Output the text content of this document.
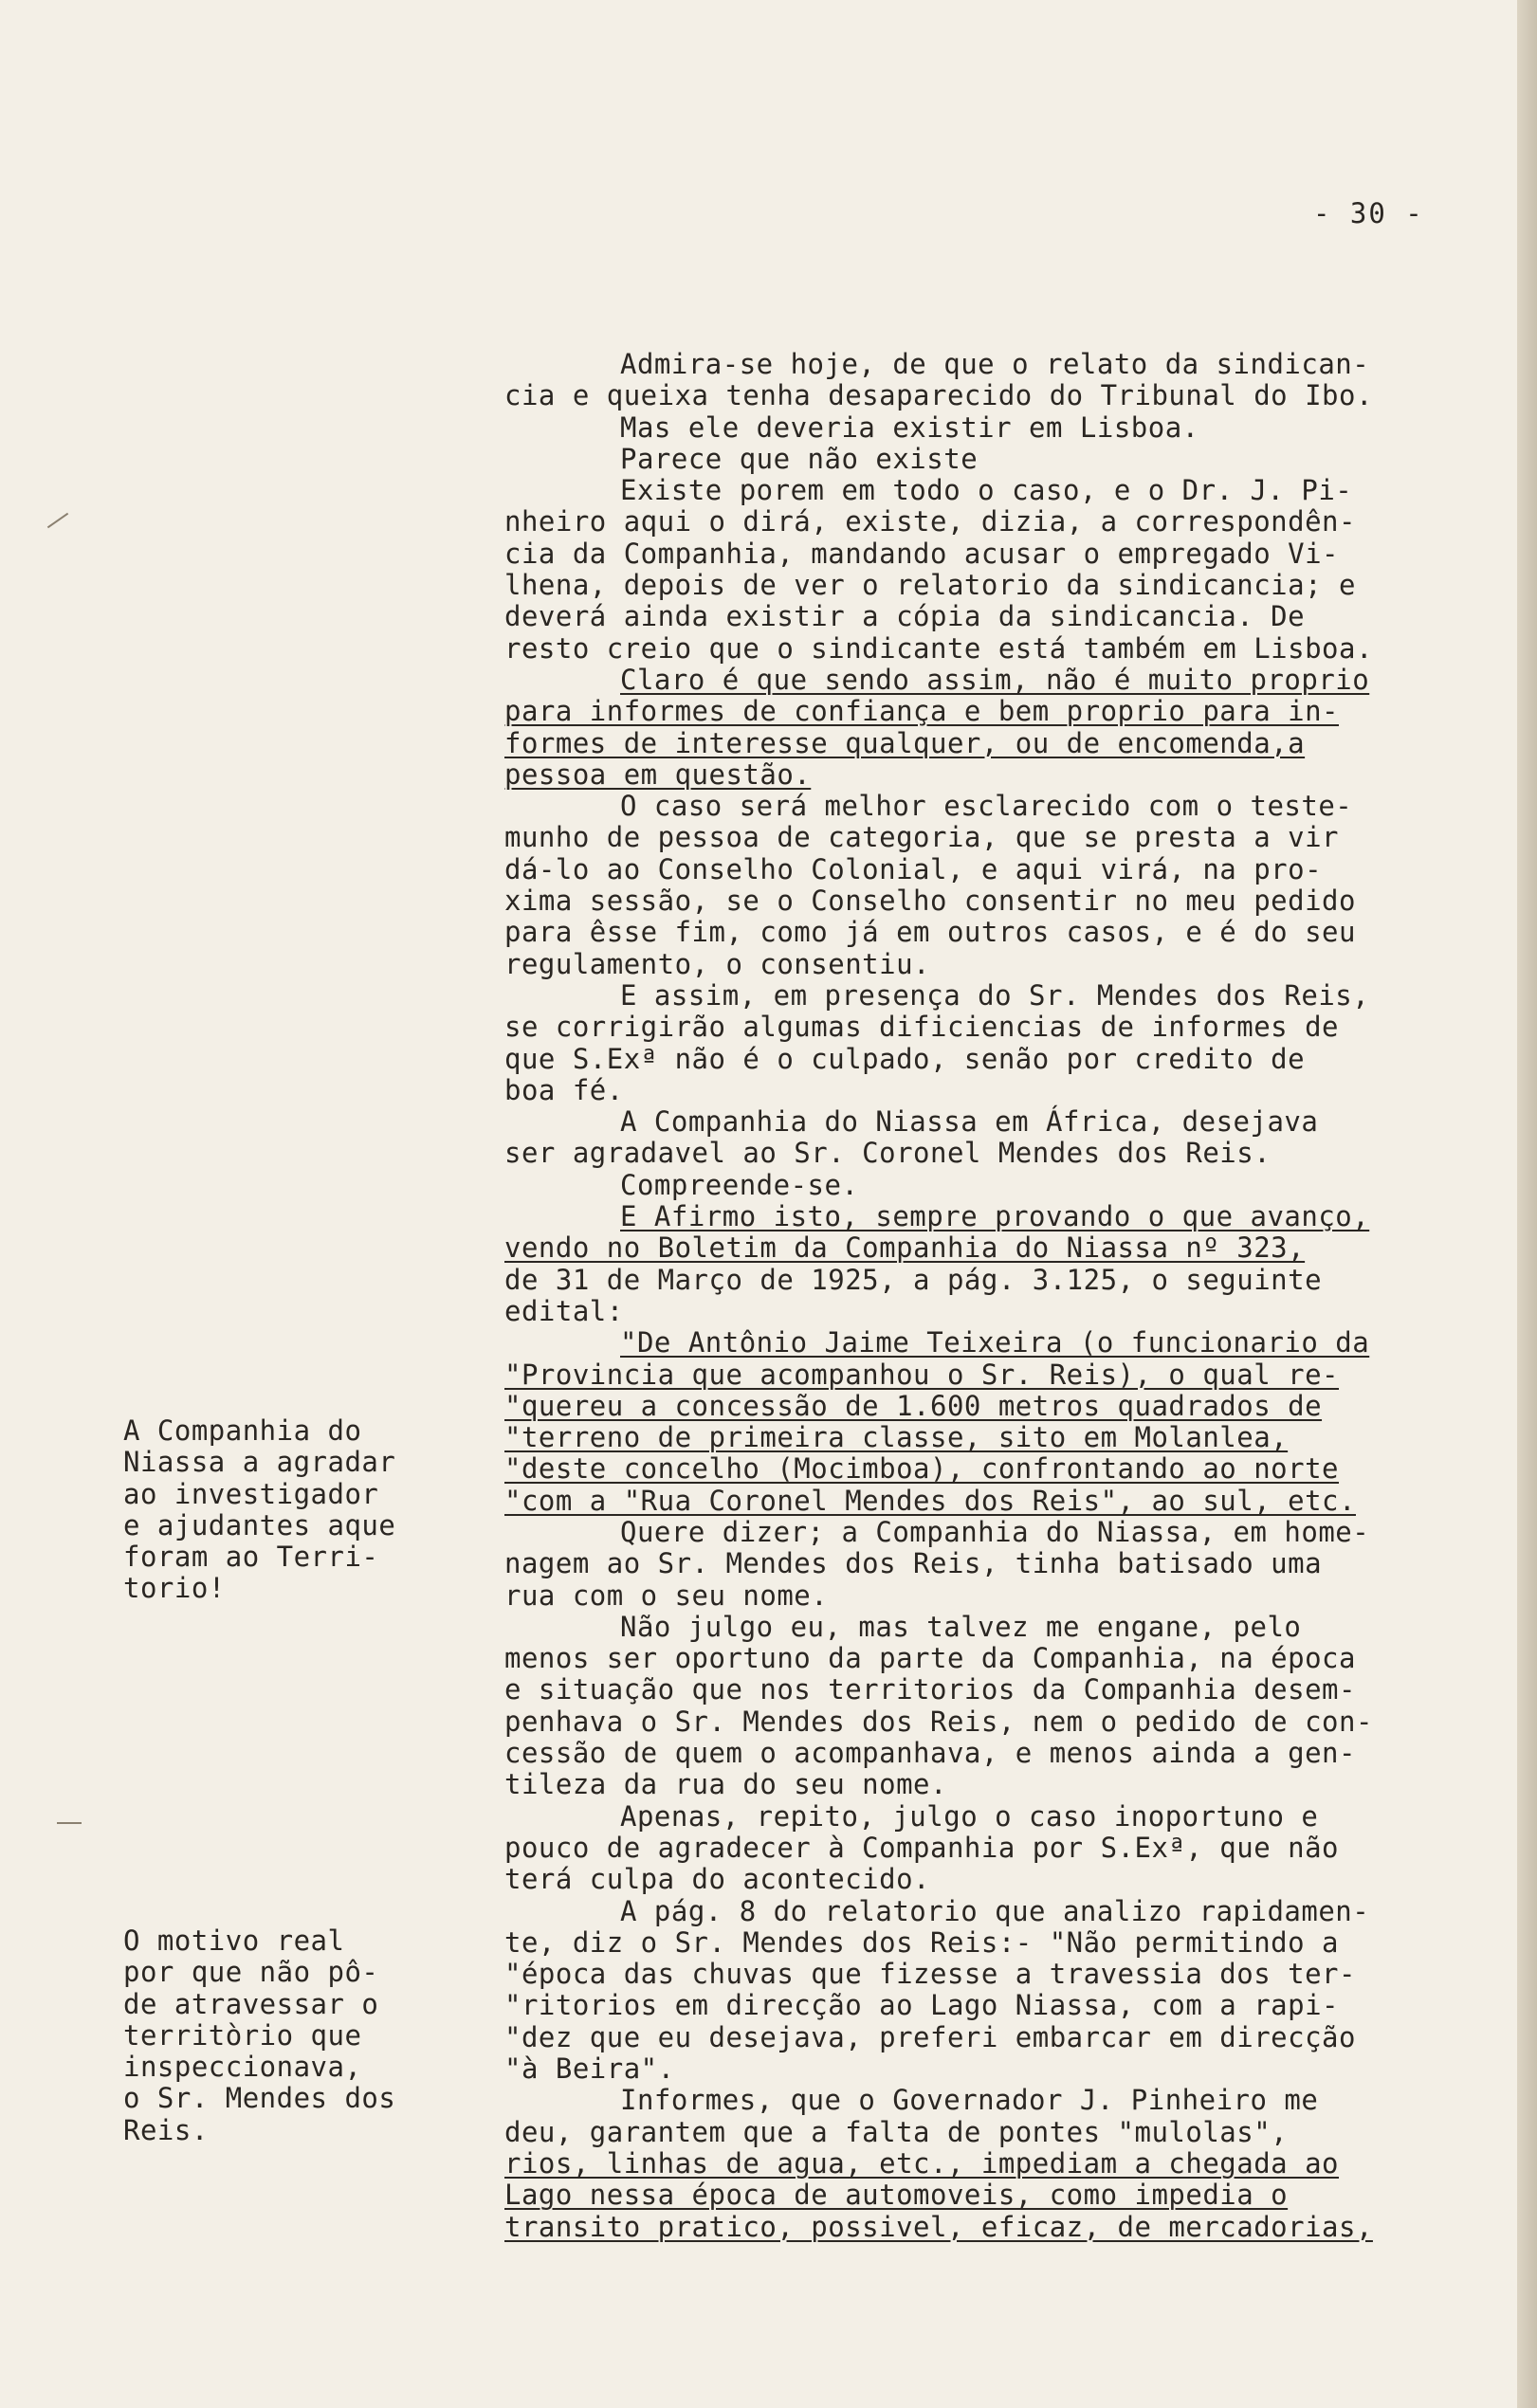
- 30 -
Admira-se hoje, de que o relato da sindican-
cia e queixa tenha desaparecido do Tribunal do Ibo.
Mas ele deveria existir em Lisboa.
Parece que não existe
Existe porem em todo o caso, e o Dr. J. Pi-
nheiro aqui o dirá, existe, dizia, a correspondên-
cia da Companhia, mandando acusar o empregado Vi-
lhena, depois de ver o relatorio da sindicancia; e
deverá ainda existir a cópia da sindicancia. De
resto creio que o sindicante está também em Lisboa.
Claro é que sendo assim, não é muito proprio
para informes de confiança e bem proprio para in-
formes de interesse qualquer, ou de encomenda,a
pessoa em questão.
O caso será melhor esclarecido com o teste-
munho de pessoa de categoria, que se presta a vir
dá-lo ao Conselho Colonial, e aqui virá, na pro-
xima sessão, se o Conselho consentir no meu pedido
para êsse fim, como já em outros casos, e é do seu
regulamento, o consentiu.
E assim, em presença do Sr. Mendes dos Reis,
se corrigirão algumas dificiencias de informes de
que S.Exª não é o culpado, senão por credito de
boa fé.
A Companhia do Niassa em África, desejava
ser agradavel ao Sr. Coronel Mendes dos Reis.
Compreende-se.
E Afirmo isto, sempre provando o que avanço,
vendo no Boletim da Companhia do Niassa nº 323,
de 31 de Março de 1925, a pág. 3.125, o seguinte
edital:
"De Antônio Jaime Teixeira (o funcionario da
"Provincia que acompanhou o Sr. Reis), o qual re-
"quereu a concessão de 1.600 metros quadrados de
"terreno de primeira classe, sito em Molanlea,
"deste concelho (Mocimboa), confrontando ao norte
"com a "Rua Coronel Mendes dos Reis", ao sul, etc.
Quere dizer; a Companhia do Niassa, em home-
nagem ao Sr. Mendes dos Reis, tinha batisado uma
rua com o seu nome.
Não julgo eu, mas talvez me engane, pelo
menos ser oportuno da parte da Companhia, na época
e situação que nos territorios da Companhia desem-
penhava o Sr. Mendes dos Reis, nem o pedido de con-
cessão de quem o acompanhava, e menos ainda a gen-
tileza da rua do seu nome.
Apenas, repito, julgo o caso inoportuno e
pouco de agradecer à Companhia por S.Exª, que não
terá culpa do acontecido.
A pág. 8 do relatorio que analizo rapidamen-
te, diz o Sr. Mendes dos Reis:- "Não permitindo a
"época das chuvas que fizesse a travessia dos ter-
"ritorios em direcção ao Lago Niassa, com a rapi-
"dez que eu desejava, preferi embarcar em direcção
"à Beira".
Informes, que o Governador J. Pinheiro me
deu, garantem que a falta de pontes "mulolas",
rios, linhas de agua, etc., impediam a chegada ao
Lago nessa época de automoveis, como impedia o
transito pratico, possivel, eficaz, de mercadorias,
A Companhia do
Niassa a agradar
ao investigador
e ajudantes aque
foram ao Terri-
torio!
O motivo real
por que não pô-
de atravessar o
territòrio que
inspeccionava,
o Sr. Mendes dos
Reis.
